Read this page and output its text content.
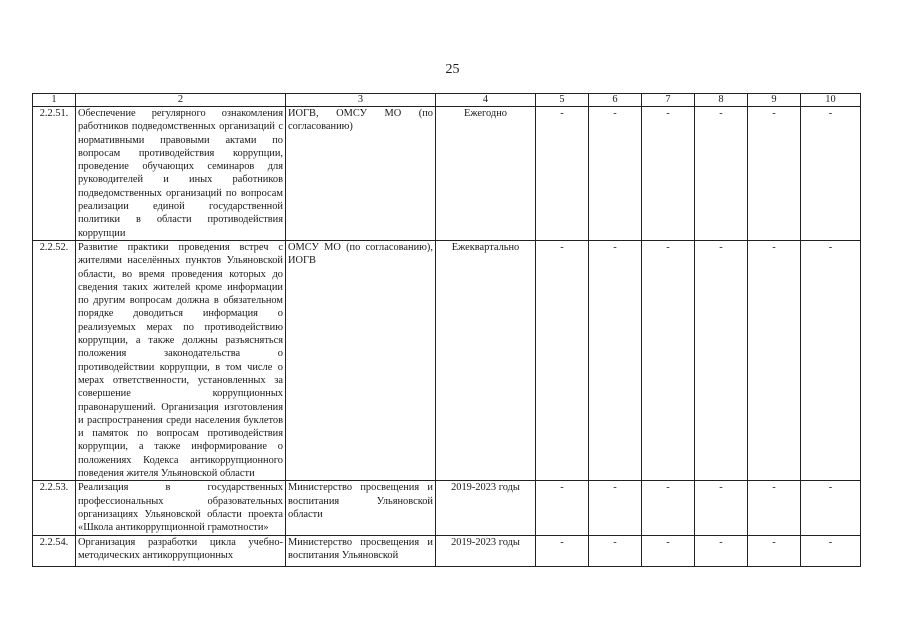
25
1	2	3	4	5	6	7	8	9	10
2.2.51.	Обеспечение регулярного ознакомления работников подведомственных организаций с нормативными правовыми актами по вопросам противодействия коррупции, проведение обучающих семинаров для руководителей и иных работников подведомственных организаций по вопросам реализации единой государственной политики в области противодействия коррупции	ИОГВ, ОМСУ МО (по согласованию)	Ежегодно	-	-	-	-	-	-
2.2.52.	Развитие практики проведения встреч с жителями населённых пунктов Ульяновской области, во время проведения которых до сведения таких жителей кроме информации по другим вопросам должна в обязательном порядке доводиться информация о реализуемых мерах по противодействию коррупции, а также должны разъясняться положения законодательства о противодействии коррупции, в том числе о мерах ответственности, установленных за совершение коррупционных правонарушений. Организация изготовления и распространения среди населения буклетов и памяток по вопросам противодействия коррупции, а также информирование о положениях Кодекса антикоррупционного поведения жителя Ульяновской области	ОМСУ МО (по согласованию), ИОГВ	Ежеквартально	-	-	-	-	-	-
2.2.53.	Реализация в государственных профессиональных образовательных организациях Ульяновской области проекта «Школа антикоррупционной грамотности»	Министерство просвещения и воспитания Ульяновской области	2019-2023 годы	-	-	-	-	-	-
2.2.54.	Организация разработки цикла учебно-методических антикоррупционных	Министерство просвещения и воспитания Ульяновской	2019-2023 годы	-	-	-	-	-	-
